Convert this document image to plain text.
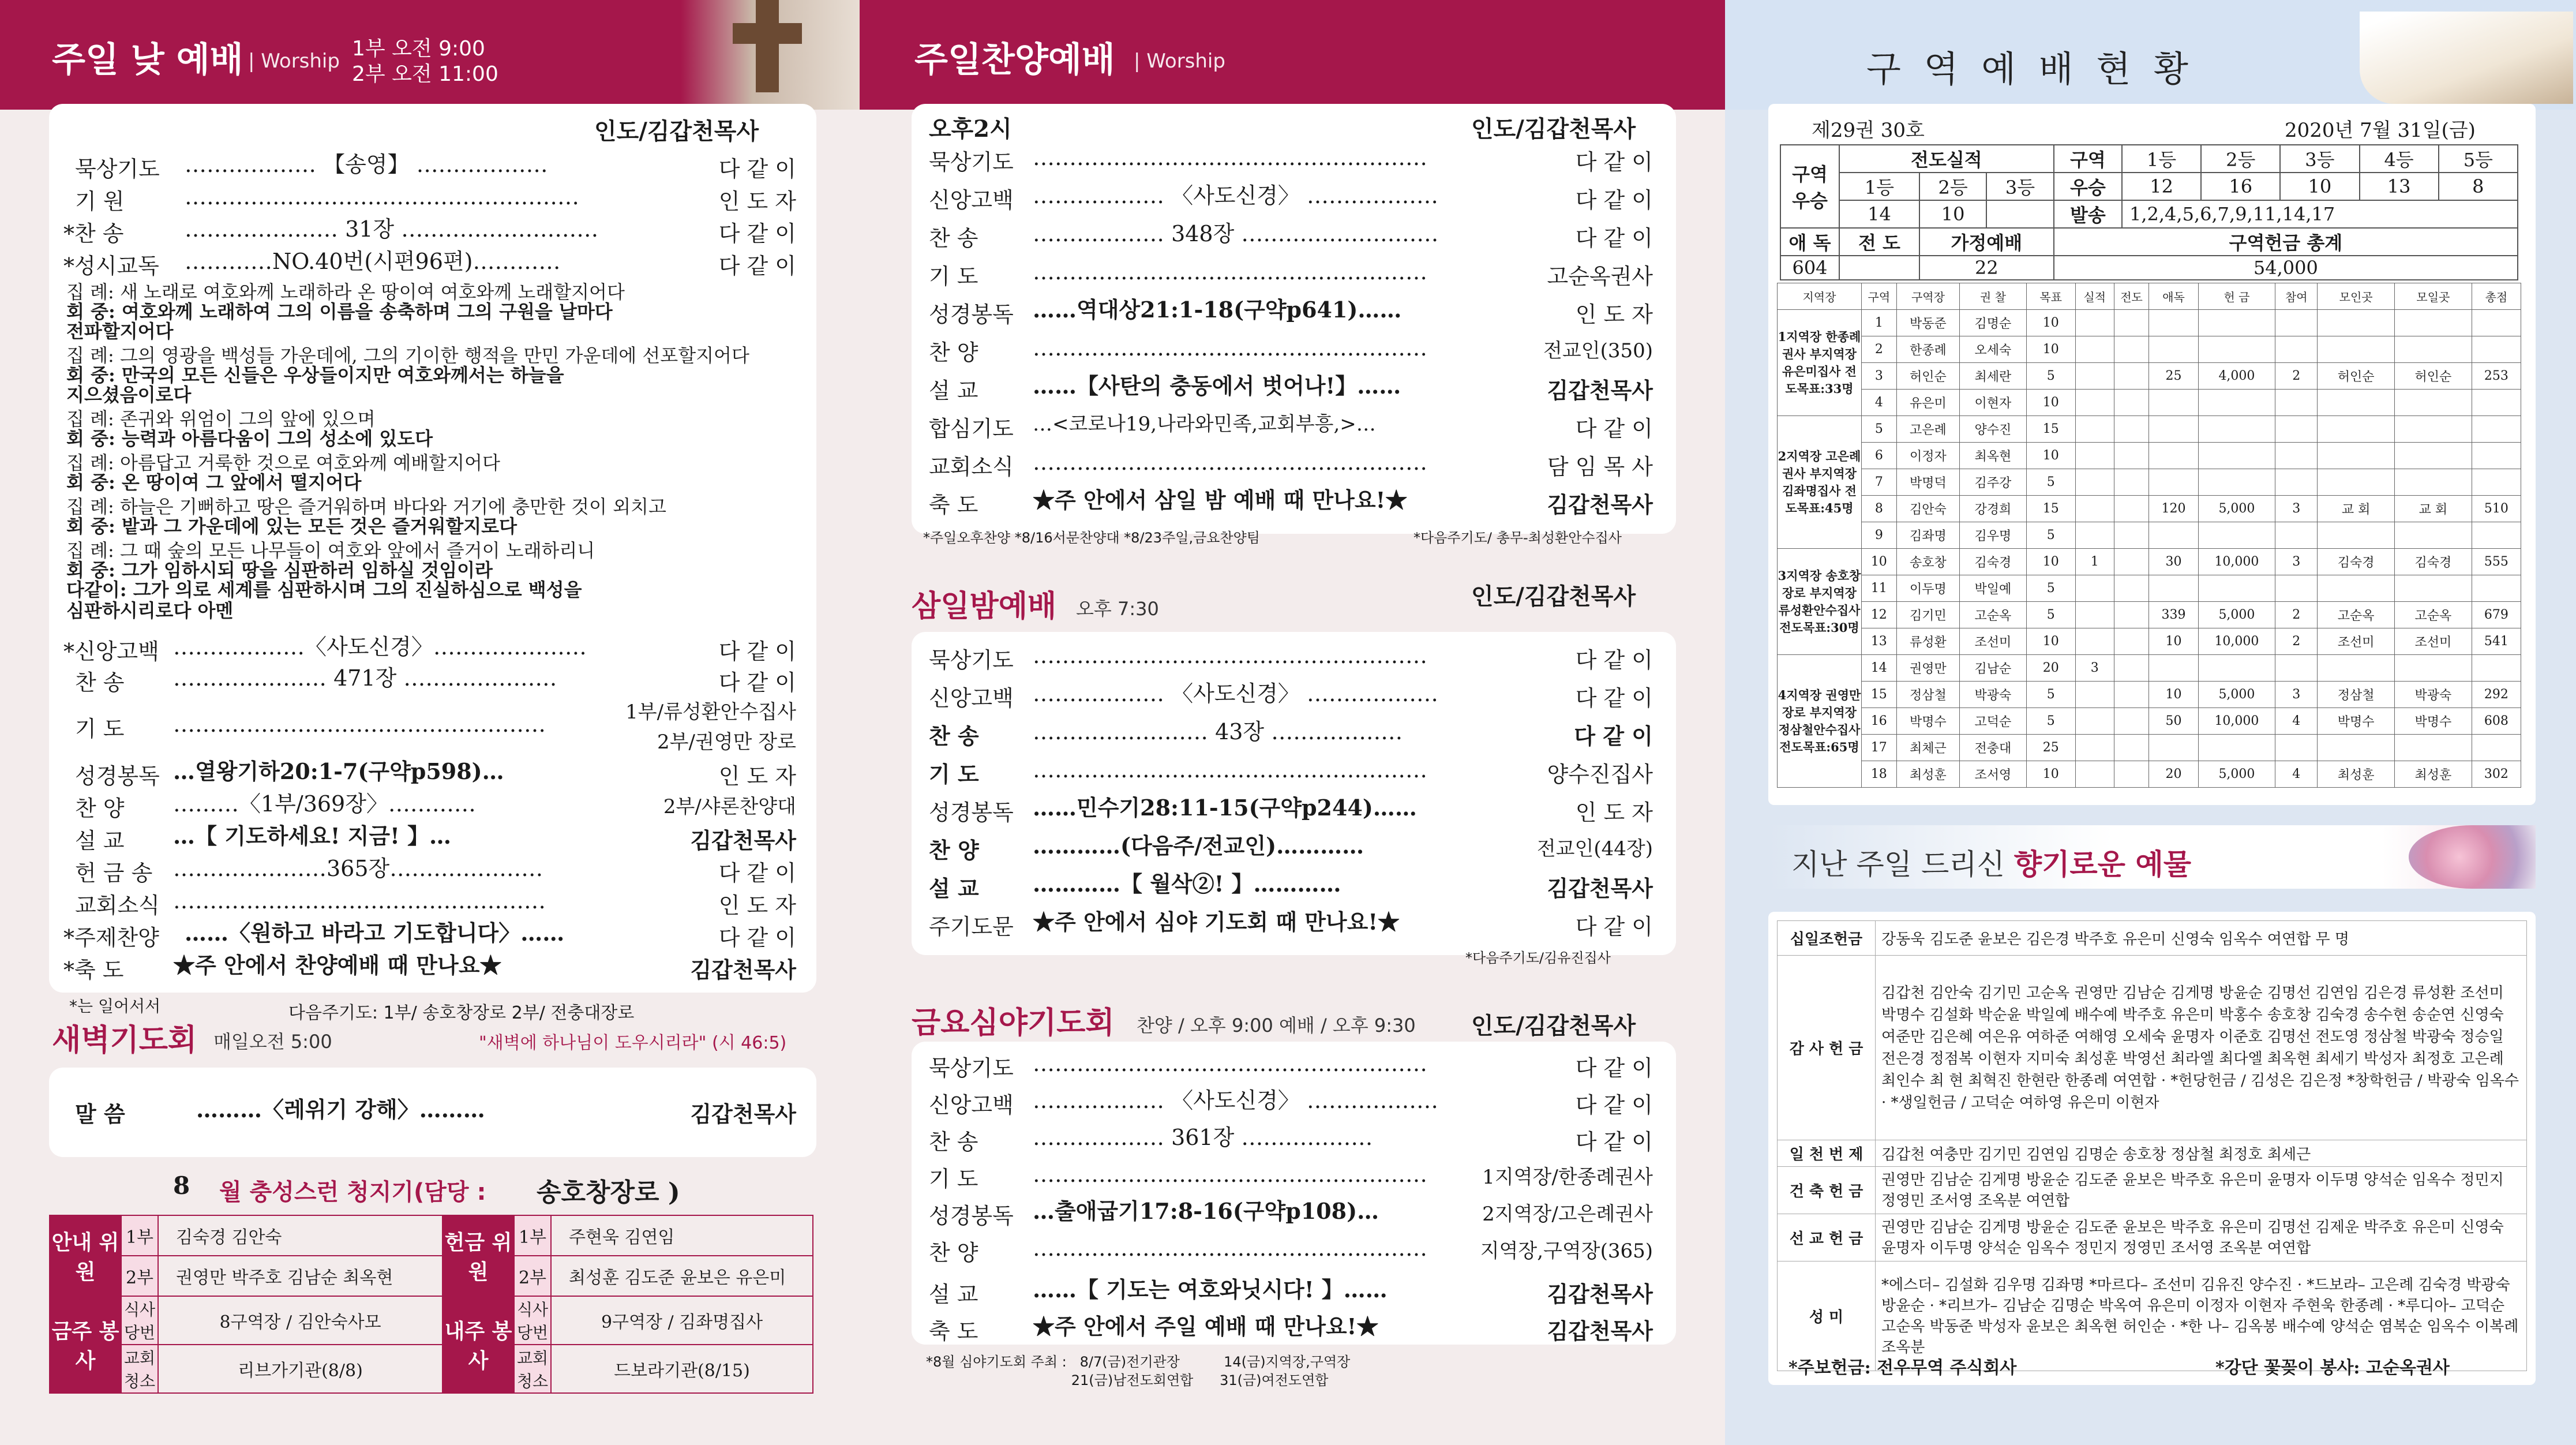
주일 낮 예배 | Worship
1부 오전 9:00
2부 오전 11:00	주일찬양예배 | Worship	구 역 예 배 현 황
인도/김갑천목사
묵상기도 ……………… 【송영】 ………………	다 같 이
기 원	………………………………………………	인 도 자
*찬 송	………………… 31장 ………………………	다 같 이
*성시교독 …………NO.40번(시편96편)…………	다 같 이
집 례: 새 노래로 여호와께 노래하라 온 땅이여 여호와께 노래할지어다
회 중: 여호와께 노래하여 그의 이름을 송축하며 그의 구원을 날마다
전파할지어다
집 례: 그의 영광을 백성들 가운데에, 그의 기이한 행적을 만민 가운데에 선포할지어다
회 중: 만국의 모든 신들은 우상들이지만 여호와께서는 하늘을
지으셨음이로다
집 례: 존귀와 위엄이 그의 앞에 있으며
회 중: 능력과 아름다움이 그의 성소에 있도다
집 례: 아름답고 거룩한 것으로 여호와께 예배할지어다
회 중: 온 땅이여 그 앞에서 떨지어다
집 례: 하늘은 기뻐하고 땅은 즐거워하며 바다와 거기에 충만한 것이 외치고
회 중: 밭과 그 가운데에 있는 모든 것은 즐거워할지로다
집 례: 그 때 숲의 모든 나무들이 여호와 앞에서 즐거이 노래하리니
회 중: 그가 임하시되 땅을 심판하러 임하실 것임이라
다같이: 그가 의로 세계를 심판하시며 그의 진실하심으로 백성을
심판하시리로다 아멘
*신앙고백 ………………〈사도신경〉…………………	다 같 이
찬 송 ………………… 471장 …………………	다 같 이
기 도 ……………………………………………	1부/류성환안수집사
2부/권영만 장로
성경봉독 …열왕기하20:1-7(구약p598)…	인 도 자
찬 양 ………〈1부/369장〉…………	2부/샤론찬양대
설 교 …【 기도하세요! 지금! 】…	김갑천목사
헌 금 송 …………………365장…………………	다 같 이
교회소식 ……………………………………………	인 도 자
*주제찬양 ……〈원하고 바라고 기도합니다〉……	다 같 이
*축 도 ★주 안에서 찬양예배 때 만나요★	김갑천목사
*는 일어서서	다음주기도: 1부/ 송호창장로 2부/ 전충대장로
새벽기도회 매일오전 5:00	"새벽에 하나님이 도우시리라" (시 46:5)
말 씀	………〈레위기 강해〉………	김갑천목사
8 월 충성스런 청지기(담당 : 송호창장로 )
안내 위원	1부	김숙경 김안숙	헌금 위원	1부	주현욱 김연임
	2부	권영만 박주호 김남순 최옥현		2부	최성훈 김도준 윤보은 유은미
금주 봉사	식사당번	8구역장 / 김안숙사모	내주 봉사	식사당번	9구역장 / 김좌명집사
	교회청소	리브가기관(8/8)		교회청소	드보라기관(8/15)
오후2시	인도/김갑천목사
묵상기도 ………………………………………………	다 같 이
신앙고백 ……………… 〈사도신경〉 ………………	다 같 이
찬 송 ……………… 348장 ………………………	다 같 이
기 도 ………………………………………………	고순옥권사
성경봉독 ……역대상21:1-18(구약p641)……	인 도 자
찬 양 ………………………………………………	전교인(350)
설 교 ……【사탄의 충동에서 벗어나!】……	김갑천목사
합심기도 …<코로나19,나라와민족,교회부흥,>…	다 같 이
교회소식 ………………………………………………	담 임 목 사
축 도 ★주 안에서 삼일 밤 예배 때 만나요!★	김갑천목사
*주일오후찬양 *8/16서문찬양대 *8/23주일,금요찬양팀	*다음주기도/ 총무-최성환안수집사
삼일밤예배 오후 7:30	인도/김갑천목사
묵상기도 ………………………………………………	다 같 이
신앙고백 ……………… 〈사도신경〉 ………………	다 같 이
찬 송 …………………… 43장 ………………	다 같 이
기 도 ………………………………………………	양수진집사
성경봉독 ……민수기28:11-15(구약p244)……	인 도 자
찬 양 …………(다음주/전교인)…………	전교인(44장)
설 교 …………【 월삭②! 】…………	김갑천목사
주기도문 ★주 안에서 심야 기도회 때 만나요!★	다 같 이
*다음주기도/김유진집사
금요심야기도회 찬양 / 오후 9:00 예배 / 오후 9:30 인도/김갑천목사
묵상기도 ………………………………………………	다 같 이
신앙고백 ……………… 〈사도신경〉 ………………	다 같 이
찬 송 ……………… 361장 ………………	다 같 이
기 도 ………………………………………………	1지역장/한종례권사
성경봉독 …출애굽기17:8-16(구약p108)…	2지역장/고은례권사
찬 양 ………………………………………………	지역장,구역장(365)
설 교 ……【 기도는 여호와닛시다! 】……	김갑천목사
축 도 ★주 안에서 주일 예배 때 만나요!★	김갑천목사
*8월 심야기도회 주최 :   8/7(금)전기관장          14(금)지역장,구역장
21(금)남전도회연합      31(금)여전도연합
제29권 30호	2020년 7월 31일(금)
구역 우승	전도실적			구역	1등	2등	3등	4등	5등
	1등	2등	3등	우승	12	16	10	13	8
	14	10		발송	1,2,4,5,6,7,9,11,14,17				
애 독	전 도	가정예배		구역헌금 총계					
604		22		54,000					
지역장	구역	구역장	권 찰	목표	실적	전도	애독	헌 금	참여	모인곳	모일곳	총점
1지역장 한종례권사 부지역장 유은미집사 전도목표:33명	1	박동준	김명순	10								
	2	한종례	오세숙	10								
	3	허인순	최세란	5			25	4,000	2	허인순	허인순	253
	4	유은미	이현자	10								
2지역장 고은례권사 부지역장 김좌명집사 전도목표:45명	5	고은례	양수진	15								
	6	이정자	최옥현	10								
	7	박명덕	김주강	5								
	8	김안숙	강경희	15			120	5,000	3	교 회	교 회	510
	9	김좌명	김우명	5								
3지역장 송호창장로 부지역장 류성환안수집사 전도목표:30명	10	송호창	김숙경	10	1		30	10,000	3	김숙경	김숙경	555
	11	이두명	박일예	5								
	12	김기민	고순옥	5			339	5,000	2	고순옥	고순옥	679
	13	류성환	조선미	10			10	10,000	2	조선미	조선미	541
4지역장 권영만장로 부지역장 정삼철안수집사 전도목표:65명	14	권영만	김남순	20	3							
	15	정삼철	박광숙	5			10	5,000	3	정삼철	박광숙	292
	16	박명수	고덕순	5			50	10,000	4	박명수	박명수	608
	17	최체근	전충대	25								
	18	최성훈	조서영	10			20	5,000	4	최성훈	최성훈	302
지난 주일 드리신 향기로운 예물
십일조헌금	강동욱 김도준 윤보은 김은경 박주호 유은미 신영숙 임옥수 여연합 무 명
감 사 헌 금	김갑천 김안숙 김기민 고순옥 권영만 김남순 김게명 방윤순 김명선 김연임 김은경 류성환 조선미 박명수 김설화 박순윤 박일예 배수예 박주호 유은미 박홍수 송호창 김숙경 송수현 송순연 신영숙 여준만 김은혜 여은유 여하준 여해영 오세숙 윤명자 이준호 김명선 전도영 정삼철 박광숙 정승일 전은경 정점복 이현자 지미숙 최성훈 박영선 최라엘 최다엘 최옥현 최세기 박성자 최정호 고은례 최인수 최 현 최혁진 한현란 한종례 여연합 · *헌당헌금 / 김성은 김은정 *창학헌금 / 박광숙 임옥수 · *생일헌금 / 고덕순 여하영 유은미 이현자
일 천 번 제	김갑천 여충만 김기민 김연임 김명순 송호창 정삼철 최정호 최세근
건 축 헌 금	권영만 김남순 김게명 방윤순 김도준 윤보은 박주호 유은미 윤명자 이두명 양석순 임옥수 정민지 정영민 조서영 조옥분 여연합
선 교 헌 금	권영만 김남순 김게명 방윤순 김도준 윤보은 박주호 유은미 김명선 김제운 박주호 유은미 신영숙 윤명자 이두명 양석순 임옥수 정민지 정영민 조서영 조옥분 여연합
성 미	*에스더– 김설화 김우명 김좌명 *마르다– 조선미 김유진 양수진 · *드보라– 고은례 김숙경 박광숙 방윤순 · *리브가– 김남순 김명순 박옥여 유은미 이정자 이현자 주현욱 한종례 · *루디아– 고덕순 고순옥 박동준 박성자 윤보은 최옥현 허인순 · *한 나– 김옥봉 배수예 양석순 염복순 임옥수 이복례 조옥분
*주보헌금: 전우무역 주식회사	*강단 꽃꽂이 봉사: 고순옥권사
